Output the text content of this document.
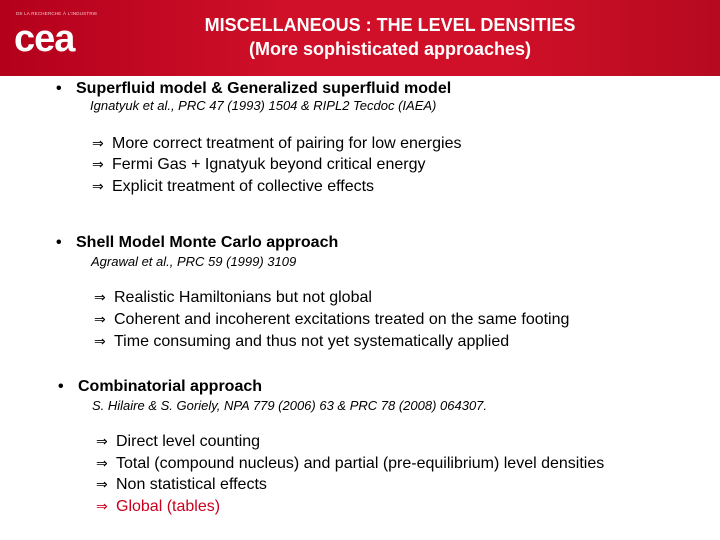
DE LA RECHERCHE À L'INDUSTRIE
cea	MISCELLANEOUS : THE LEVEL DENSITIES
(More sophisticated approaches)
• Superfluid model & Generalized superfluid model
Ignatyuk et al., PRC 47 (1993) 1504 & RIPL2 Tecdoc (IAEA)
⇒ More correct treatment of pairing for low energies
⇒ Fermi Gas + Ignatyuk beyond critical energy
⇒ Explicit treatment of collective effects
• Shell Model Monte Carlo approach
Agrawal et al., PRC 59 (1999) 3109
⇒ Realistic Hamiltonians but not global
⇒ Coherent and incoherent excitations treated on the same footing
⇒ Time consuming and thus not yet systematically applied
• Combinatorial approach
S. Hilaire & S. Goriely, NPA 779 (2006) 63 & PRC 78 (2008) 064307.
⇒ Direct level counting
⇒ Total (compound nucleus) and partial (pre-equilibrium) level densities
⇒ Non statistical effects
⇒ Global (tables)
